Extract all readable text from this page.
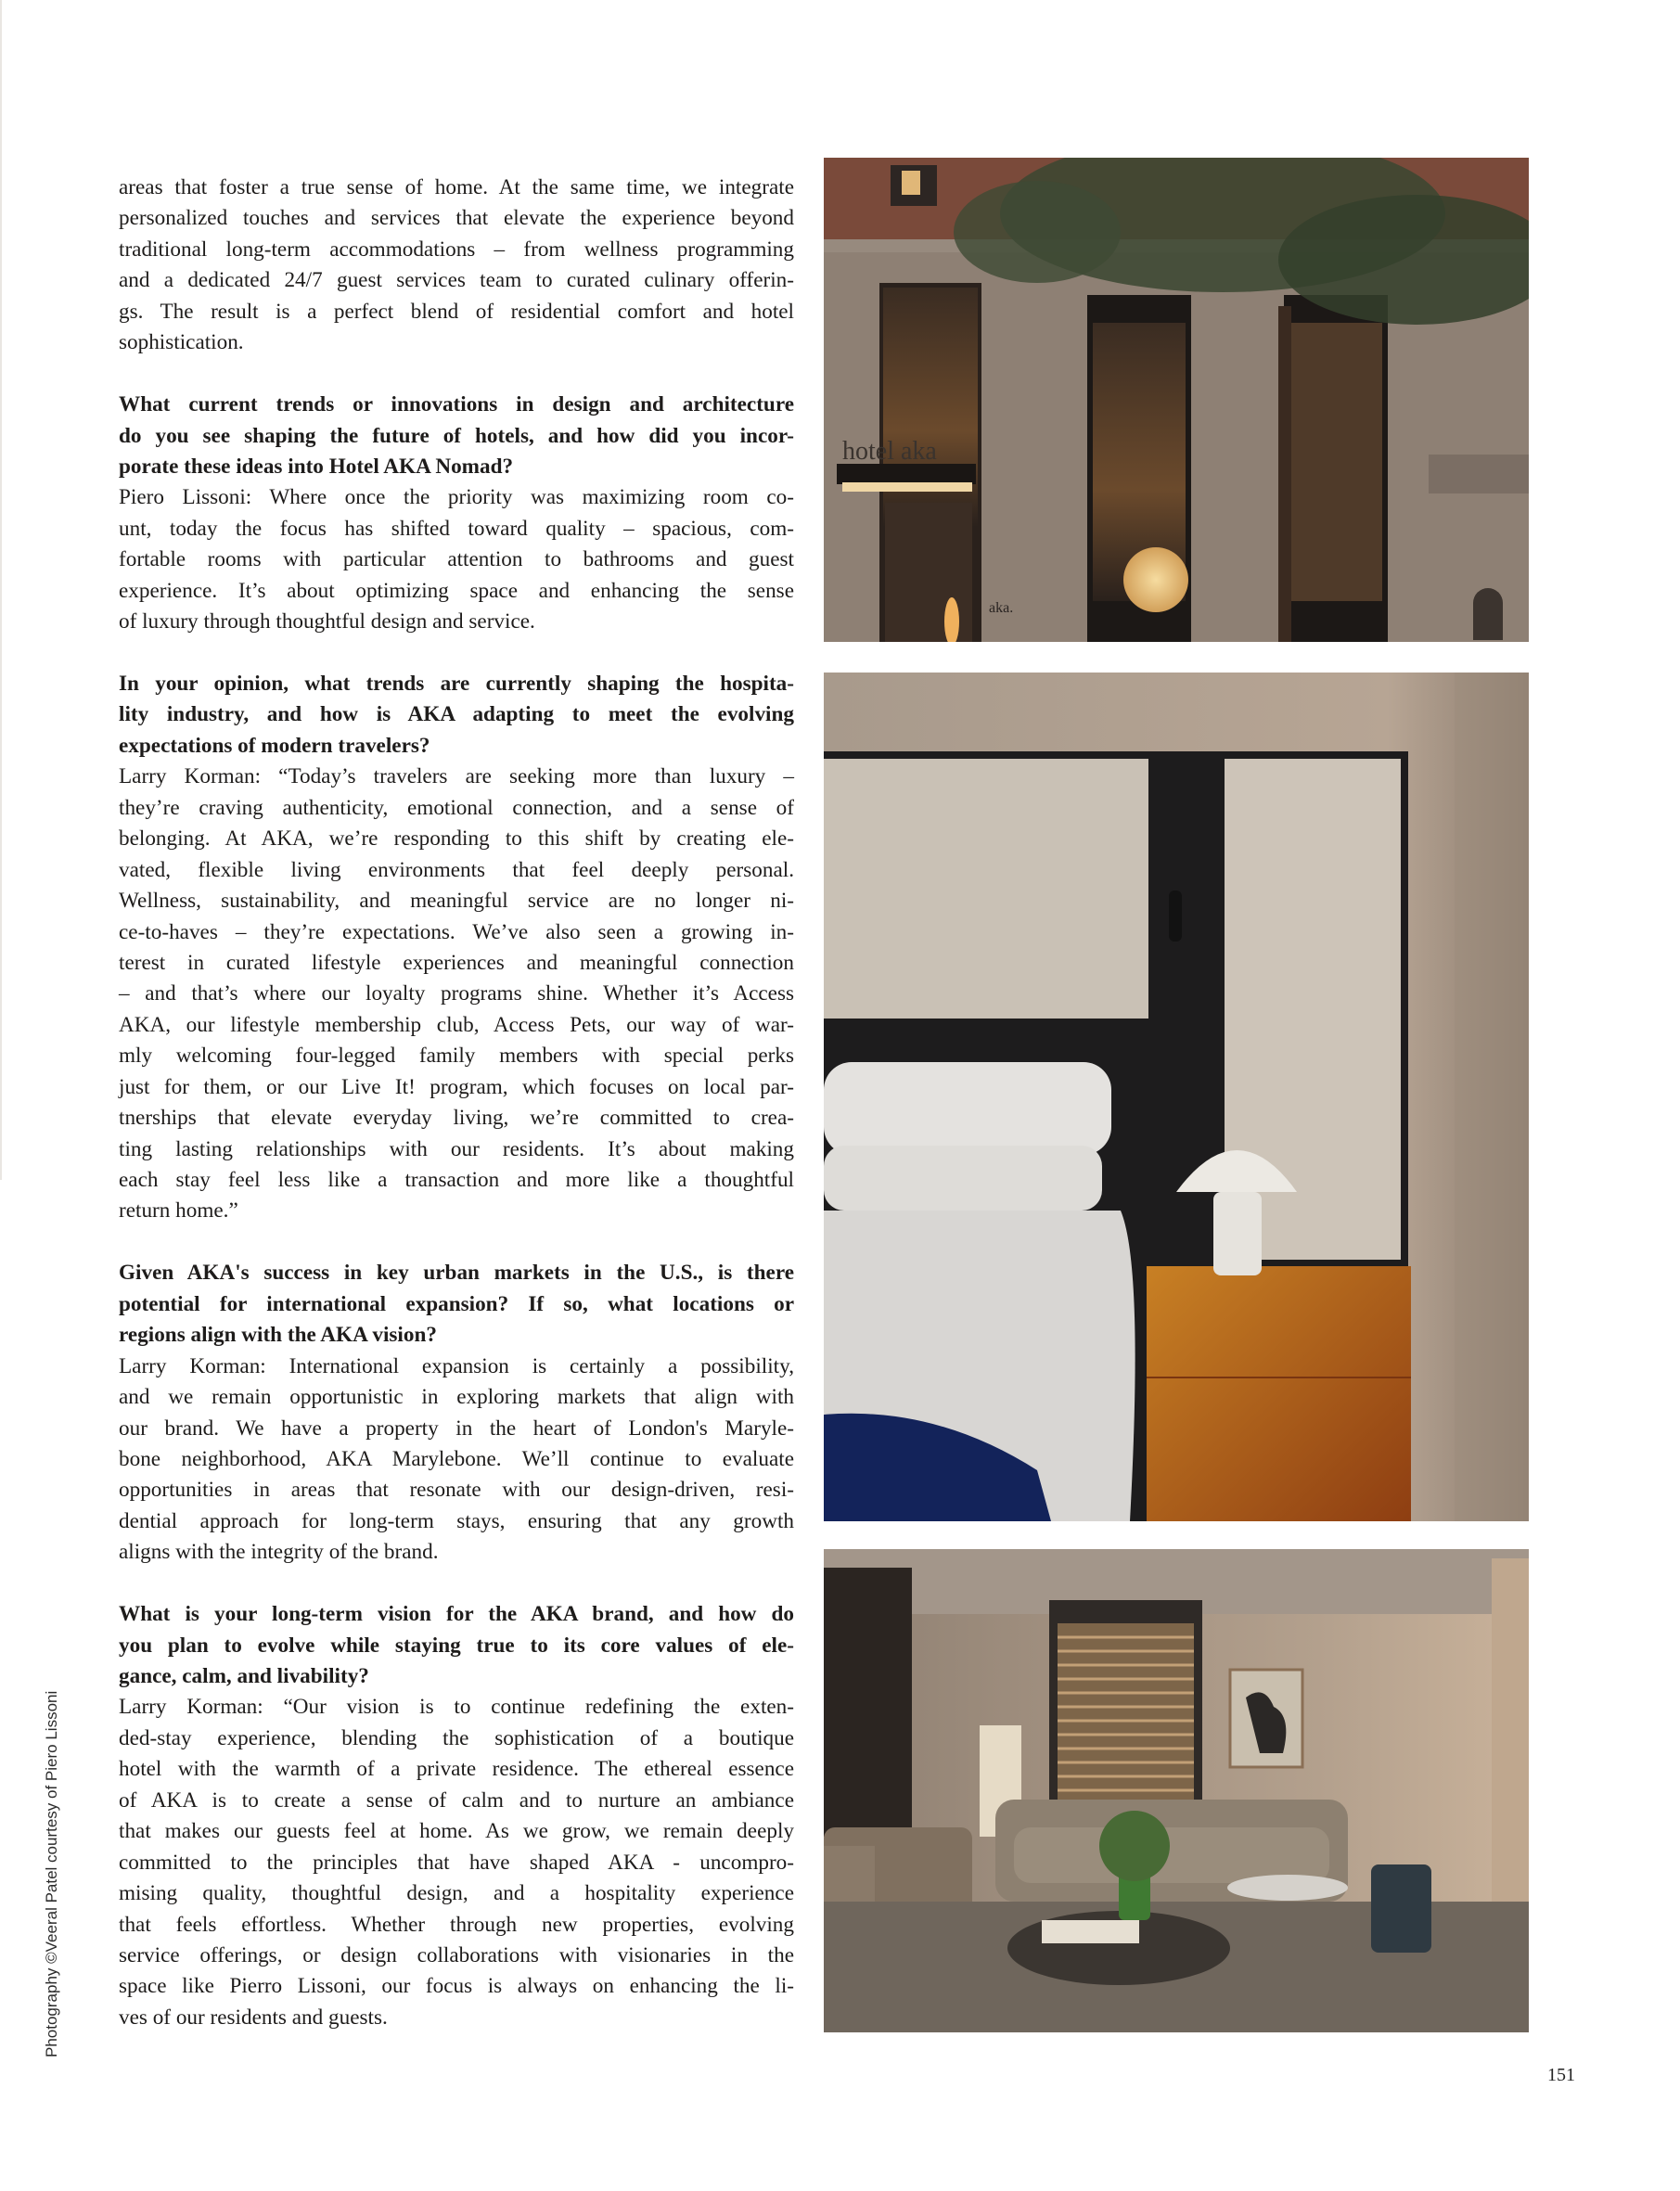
areas that foster a true sense of home. At the same time, we integrate
personalized touches and services that elevate the experience beyond
traditional long-term accommodations – from wellness programming
and a dedicated 24/7 guest services team to curated culinary offerin-
gs. The result is a perfect blend of residential comfort and hotel
sophistication.
What current trends or innovations in design and architecture
do you see shaping the future of hotels, and how did you incor-
porate these ideas into Hotel AKA Nomad?
Piero Lissoni: Where once the priority was maximizing room co-
unt, today the focus has shifted toward quality – spacious, com-
fortable rooms with particular attention to bathrooms and guest
experience. It’s about optimizing space and enhancing the sense
of luxury through thoughtful design and service.
In your opinion, what trends are currently shaping the hospita-
lity industry, and how is AKA adapting to meet the evolving
expectations of modern travelers?
Larry Korman: “Today’s travelers are seeking more than luxury –
they’re craving authenticity, emotional connection, and a sense of
belonging. At AKA, we’re responding to this shift by creating ele-
vated, flexible living environments that feel deeply personal.
Wellness, sustainability, and meaningful service are no longer ni-
ce-to-haves – they’re expectations. We’ve also seen a growing in-
terest in curated lifestyle experiences and meaningful connection
– and that’s where our loyalty programs shine. Whether it’s Access
AKA, our lifestyle membership club, Access Pets, our way of war-
mly welcoming four-legged family members with special perks
just for them, or our Live It! program, which focuses on local par-
tnerships that elevate everyday living, we’re committed to crea-
ting lasting relationships with our residents. It’s about making
each stay feel less like a transaction and more like a thoughtful
return home.”
Given AKA's success in key urban markets in the U.S., is there
potential for international expansion? If so, what locations or
regions align with the AKA vision?
Larry Korman: International expansion is certainly a possibility,
and we remain opportunistic in exploring markets that align with
our brand. We have a property in the heart of London's Maryle-
bone neighborhood, AKA Marylebone. We’ll continue to evaluate
opportunities in areas that resonate with our design-driven, resi-
dential approach for long-term stays, ensuring that any growth
aligns with the integrity of the brand.
What is your long-term vision for the AKA brand, and how do
you plan to evolve while staying true to its core values of ele-
gance, calm, and livability?
Larry Korman: “Our vision is to continue redefining the exten-
ded-stay experience, blending the sophistication of a boutique
hotel with the warmth of a private residence. The ethereal essence
of AKA is to create a sense of calm and to nurture an ambiance
that makes our guests feel at home. As we grow, we remain deeply
committed to the principles that have shaped AKA - uncompro-
mising quality, thoughtful design, and a hospitality experience
that feels effortless. Whether through new properties, evolving
service offerings, or design collaborations with visionaries in the
space like Pierro Lissoni, our focus is always on enhancing the li-
ves of our residents and guests.
hotel aka
aka.
Photography ©Veeral Patel courtesy of Piero Lissoni
151
